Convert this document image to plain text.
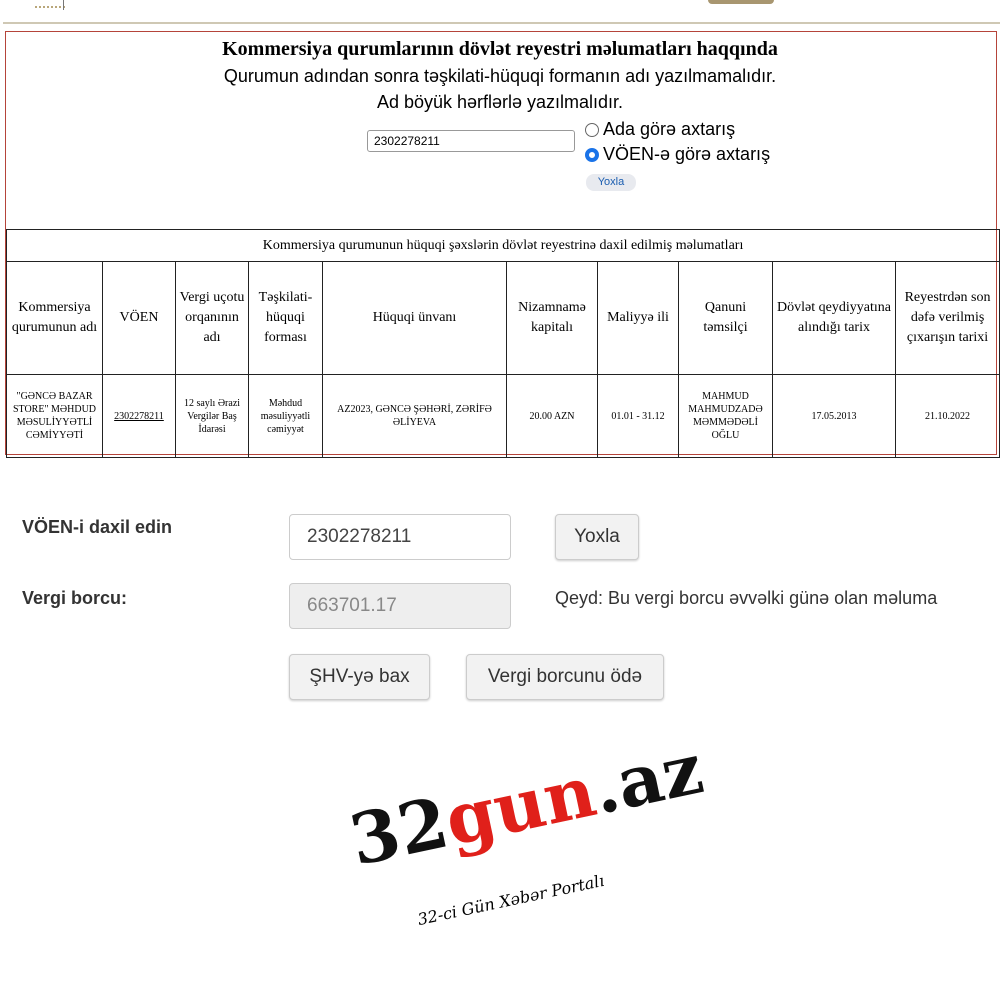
Kommersiya qurumlarının dövlət reyestri məlumatları haqqında
Qurumun adından sonra təşkilati-hüquqi formanın adı yazılmamalıdır.
Ad böyük hərflərlə yazılmalıdır.
2302278211
Ada görə axtarış
VÖEN-ə görə axtarış
Yoxla
Kommersiya qurumunun hüquqi şəxslərin dövlət reyestrinə daxil edilmiş məlumatları									
Kommersiya qurumunun adı	VÖEN	Vergi uçotu orqanının adı	Təşkilati-hüquqi forması	Hüquqi ünvanı	Nizamnamə kapitalı	Maliyyə ili	Qanuni təmsilçi	Dövlət qeydiyyatına alındığı tarix	Reyestrdən son dəfə verilmiş çıxarışın tarixi
"GƏNCƏ BAZAR STORE" MƏHDUD MƏSULİYYƏTLİ CƏMİYYƏTİ	2302278211	12 saylı Ərazi Vergilər Baş İdarəsi	Məhdud məsuliyyətli cəmiyyət	AZ2023, GƏNCƏ ŞƏHƏRİ, ZƏRİFƏ ƏLİYEVA	20.00 AZN	01.01 - 31.12	MAHMUD MAHMUDZADƏ MƏMMƏDƏLİ OĞLU	17.05.2013	21.10.2022
VÖEN-i daxil edin	2302278211	Yoxla
Vergi borcu:	663701.17	Qeyd: Bu vergi borcu əvvəlki günə olan məluma
ŞHV-yə bax	Vergi borcunu ödə
32gun.az
32-ci Gün Xəbər Portalı
